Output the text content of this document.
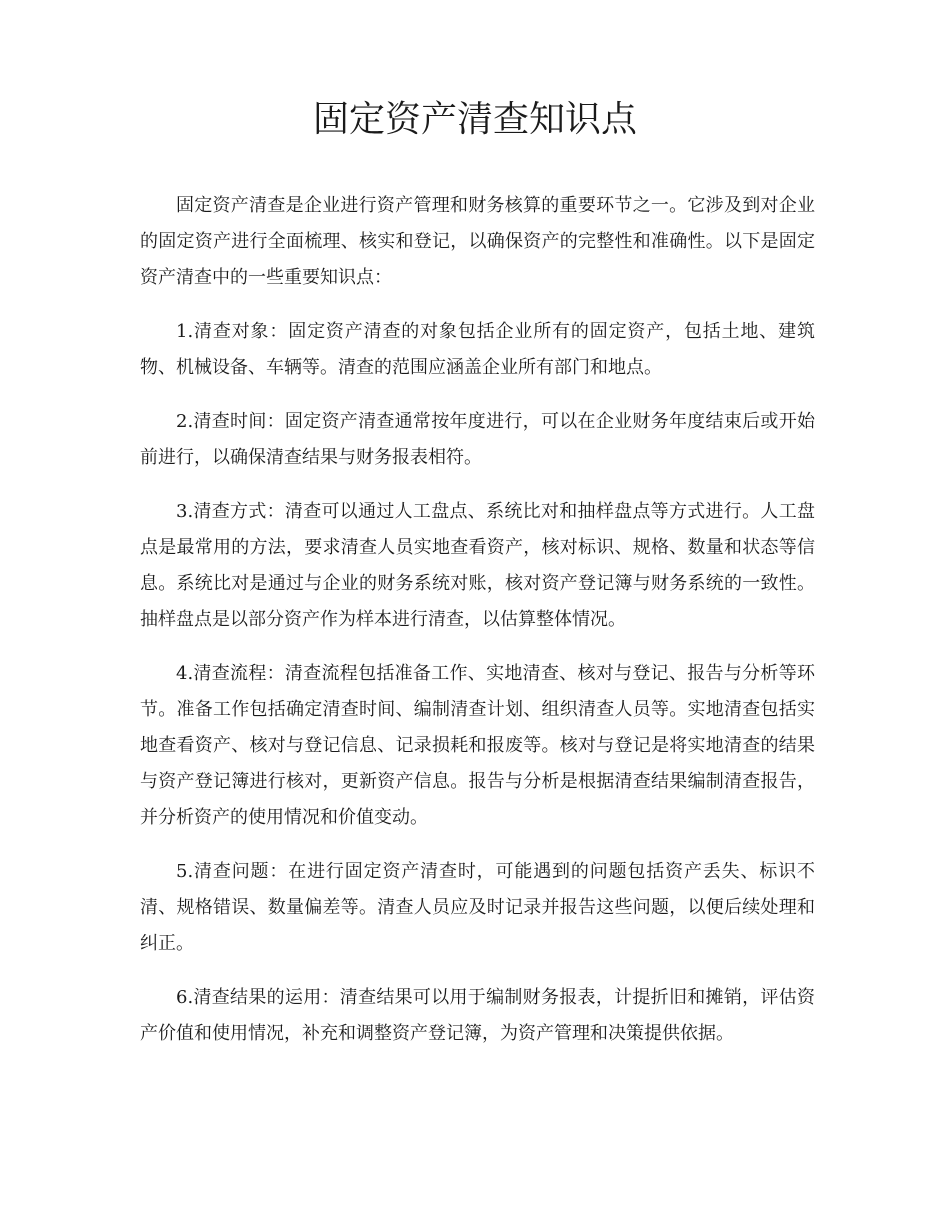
固定资产清查知识点

固定资产清查是企业进行资产管理和财务核算的重要环节之一。它涉及到对企业的固定资产进行全面梳理、核实和登记，以确保资产的完整性和准确性。以下是固定资产清查中的一些重要知识点：

1.清查对象：固定资产清查的对象包括企业所有的固定资产，包括土地、建筑物、机械设备、车辆等。清查的范围应涵盖企业所有部门和地点。

2.清查时间：固定资产清查通常按年度进行，可以在企业财务年度结束后或开始前进行，以确保清查结果与财务报表相符。

3.清查方式：清查可以通过人工盘点、系统比对和抽样盘点等方式进行。人工盘点是最常用的方法，要求清查人员实地查看资产，核对标识、规格、数量和状态等信息。系统比对是通过与企业的财务系统对账，核对资产登记簿与财务系统的一致性。抽样盘点是以部分资产作为样本进行清查，以估算整体情况。

4.清查流程：清查流程包括准备工作、实地清查、核对与登记、报告与分析等环节。准备工作包括确定清查时间、编制清查计划、组织清查人员等。实地清查包括实地查看资产、核对与登记信息、记录损耗和报废等。核对与登记是将实地清查的结果与资产登记簿进行核对，更新资产信息。报告与分析是根据清查结果编制清查报告，并分析资产的使用情况和价值变动。

5.清查问题：在进行固定资产清查时，可能遇到的问题包括资产丢失、标识不清、规格错误、数量偏差等。清查人员应及时记录并报告这些问题，以便后续处理和纠正。

6.清查结果的运用：清查结果可以用于编制财务报表，计提折旧和摊销，评估资产价值和使用情况，补充和调整资产登记簿，为资产管理和决策提供依据。
